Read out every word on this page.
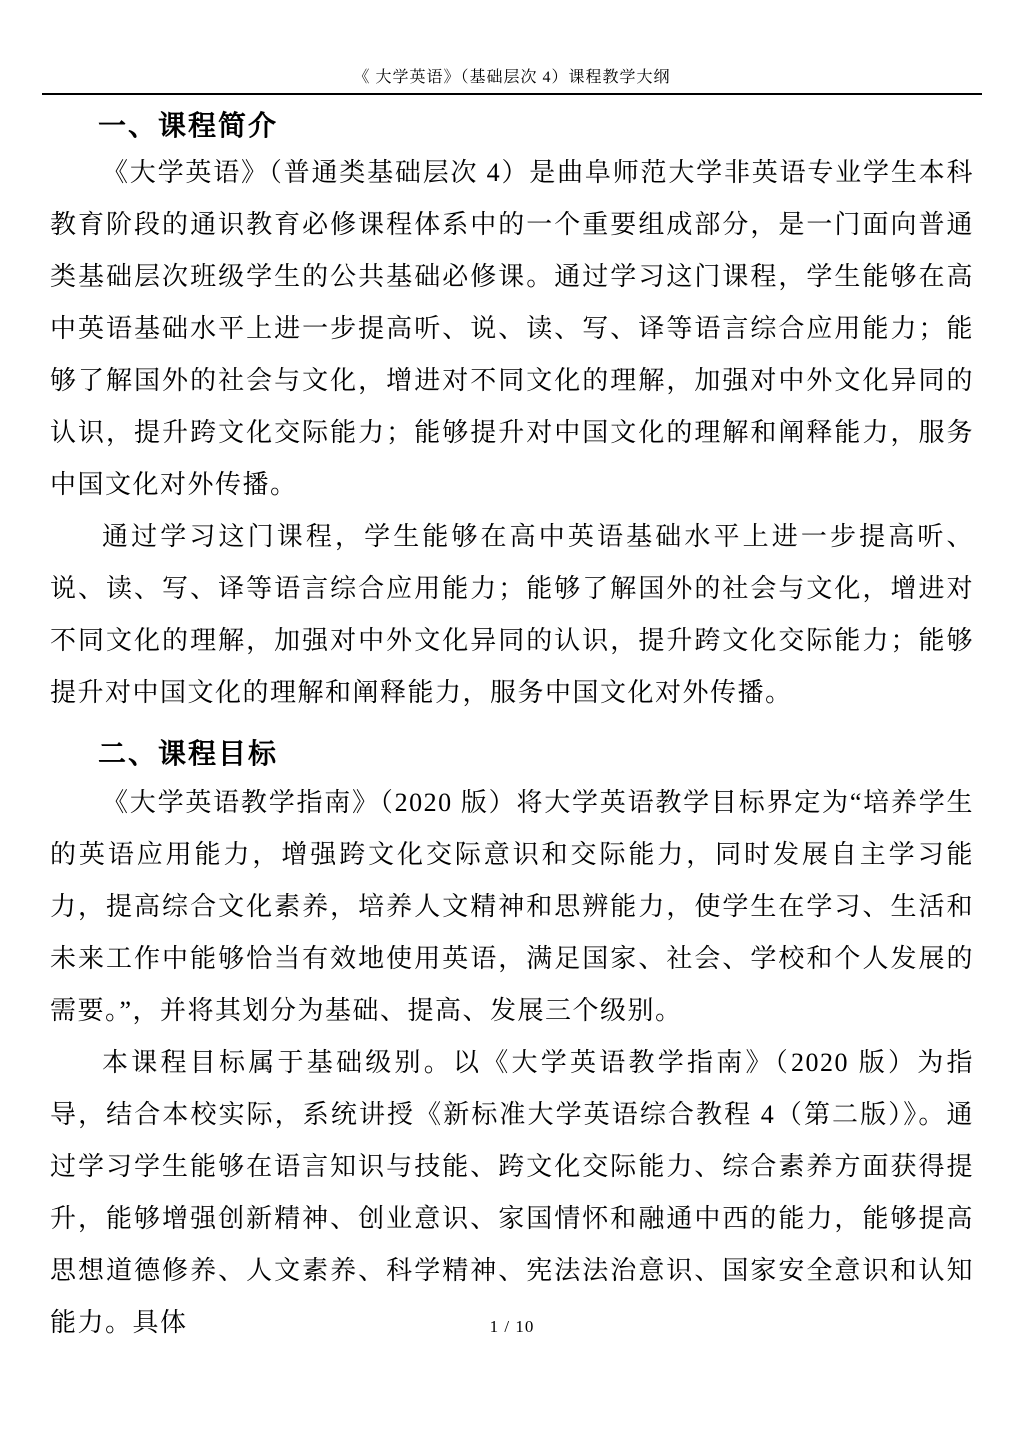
《 大学英语》（基础层次 4）课程教学大纲
一、课程简介

《大学英语》（普通类基础层次 4）是曲阜师范大学非英语专业学生本科教育阶段的通识教育必修课程体系中的一个重要组成部分，是一门面向普通类基础层次班级学生的公共基础必修课。通过学习这门课程，学生能够在高中英语基础水平上进一步提高听、说、读、写、译等语言综合应用能力；能够了解国外的社会与文化，增进对不同文化的理解，加强对中外文化异同的认识，提升跨文化交际能力；能够提升对中国文化的理解和阐释能力，服务中国文化对外传播。

通过学习这门课程，学生能够在高中英语基础水平上进一步提高听、说、读、写、译等语言综合应用能力；能够了解国外的社会与文化，增进对不同文化的理解，加强对中外文化异同的认识，提升跨文化交际能力；能够提升对中国文化的理解和阐释能力，服务中国文化对外传播。

二、课程目标

《大学英语教学指南》（2020 版）将大学英语教学目标界定为“培养学生的英语应用能力，增强跨文化交际意识和交际能力，同时发展自主学习能力，提高综合文化素养，培养人文精神和思辨能力，使学生在学习、生活和未来工作中能够恰当有效地使用英语，满足国家、社会、学校和个人发展的需要。”，并将其划分为基础、提高、发展三个级别。

本课程目标属于基础级别。以《大学英语教学指南》（2020 版）为指导，结合本校实际，系统讲授《新标准大学英语综合教程 4（第二版）》。通过学习学生能够在语言知识与技能、跨文化交际能力、综合素养方面获得提升，能够增强创新精神、创业意识、家国情怀和融通中西的能力，能够提高思想道德修养、人文素养、科学精神、宪法法治意识、国家安全意识和认知能力。具体	1 / 10
